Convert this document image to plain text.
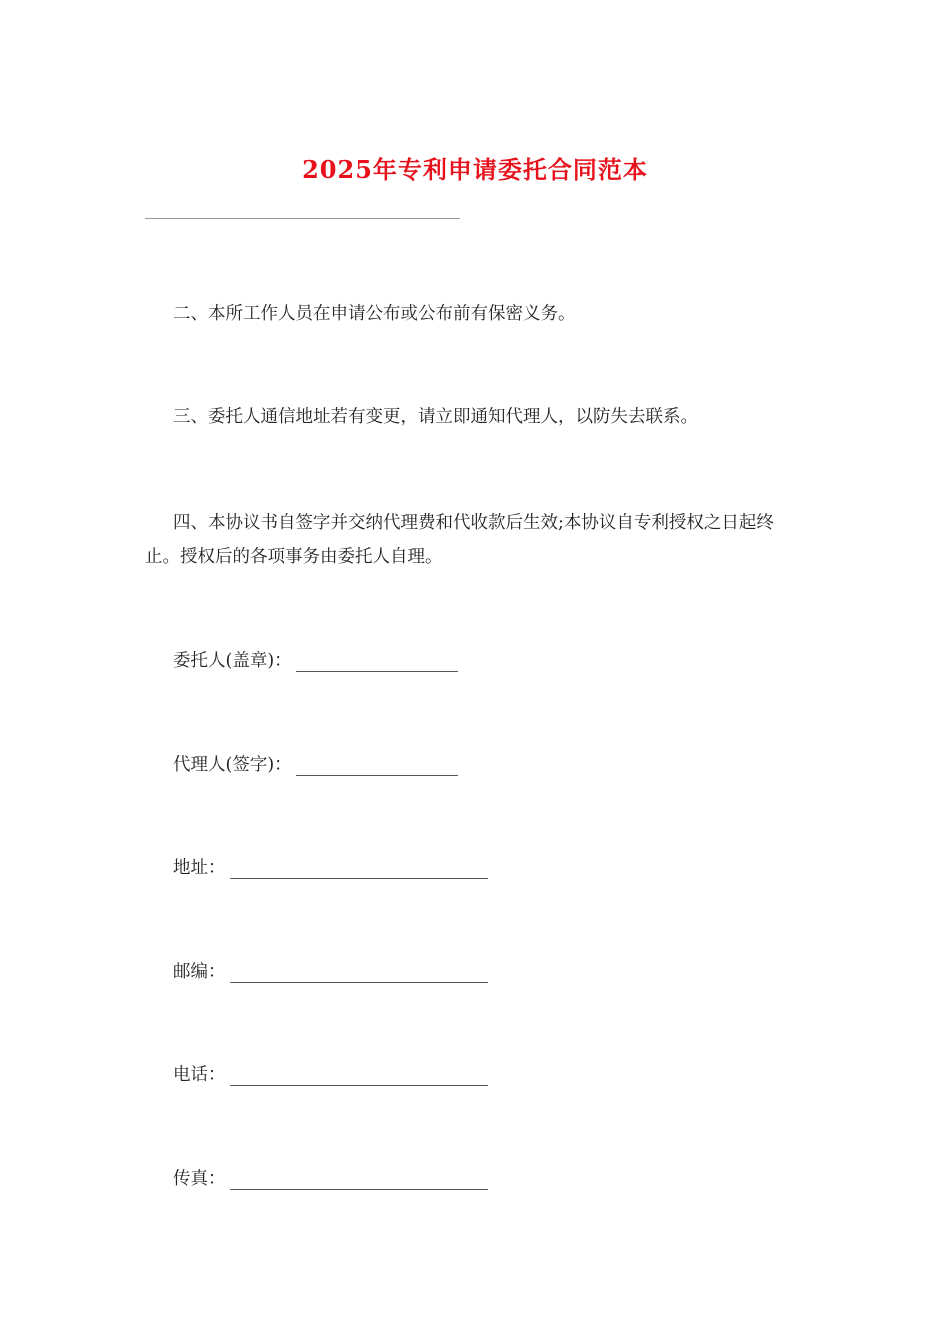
2025年专利申请委托合同范本

二、本所工作人员在申请公布或公布前有保密义务。

三、委托人通信地址若有变更，请立即通知代理人，以防失去联系。

四、本协议书自签字并交纳代理费和代收款后生效;本协议自专利授权之日起终止。授权后的各项事务由委托人自理。

委托人(盖章)：
代理人(签字)：
地址：
邮编：
电话：
传真：
